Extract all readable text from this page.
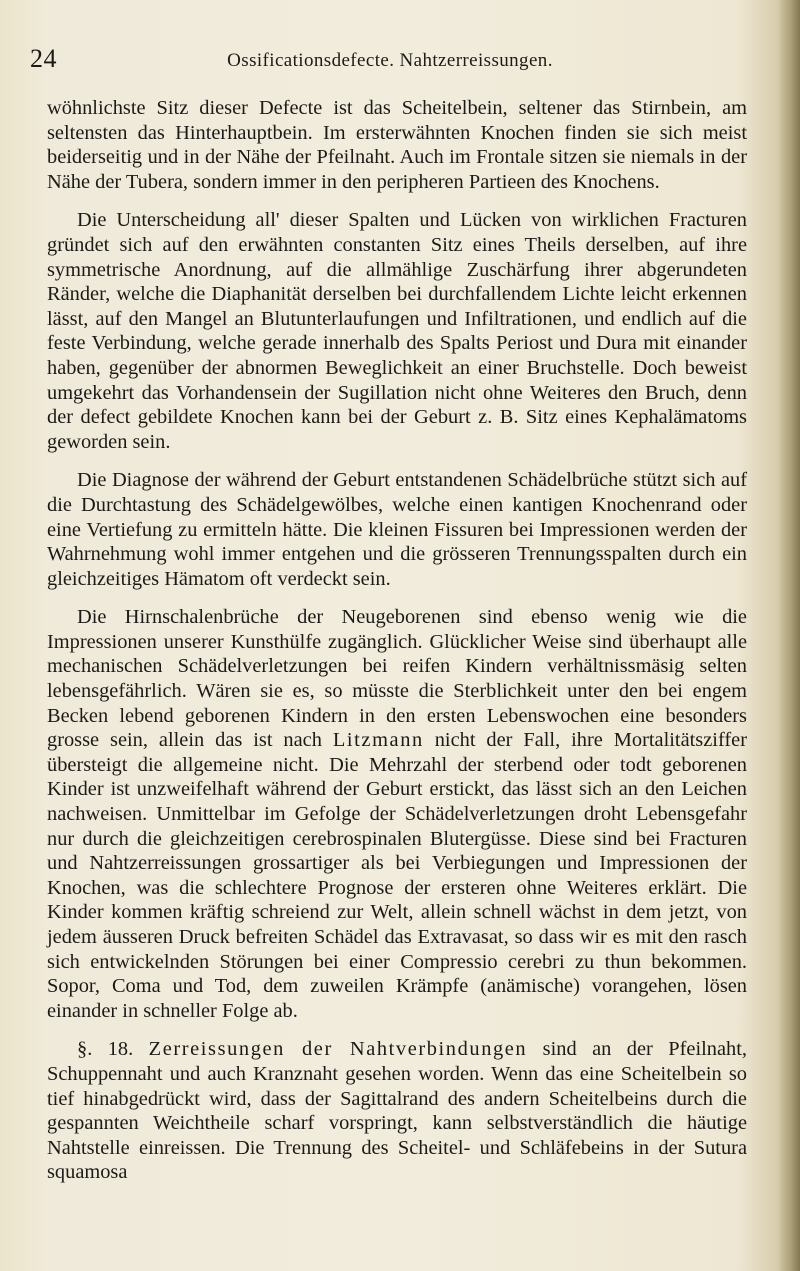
24	Ossificationsdefecte. Nahtzerreissungen.

wöhnlichste Sitz dieser Defecte ist das Scheitelbein, seltener das Stirnbein, am seltensten das Hinterhauptbein. Im ersterwähnten Knochen finden sie sich meist beiderseitig und in der Nähe der Pfeilnaht. Auch im Frontale sitzen sie niemals in der Nähe der Tubera, sondern immer in den peripheren Partieen des Knochens.

Die Unterscheidung all' dieser Spalten und Lücken von wirklichen Fracturen gründet sich auf den erwähnten constanten Sitz eines Theils derselben, auf ihre symmetrische Anordnung, auf die allmählige Zuschärfung ihrer abgerundeten Ränder, welche die Diaphanität derselben bei durchfallendem Lichte leicht erkennen lässt, auf den Mangel an Blutunterlaufungen und Infiltrationen, und endlich auf die feste Verbindung, welche gerade innerhalb des Spalts Periost und Dura mit einander haben, gegenüber der abnormen Beweglichkeit an einer Bruchstelle. Doch beweist umgekehrt das Vorhandensein der Sugillation nicht ohne Weiteres den Bruch, denn der defect gebildete Knochen kann bei der Geburt z. B. Sitz eines Kephalämatoms geworden sein.

Die Diagnose der während der Geburt entstandenen Schädelbrüche stützt sich auf die Durchtastung des Schädelgewölbes, welche einen kantigen Knochenrand oder eine Vertiefung zu ermitteln hätte. Die kleinen Fissuren bei Impressionen werden der Wahrnehmung wohl immer entgehen und die grösseren Trennungsspalten durch ein gleichzeitiges Hämatom oft verdeckt sein.

Die Hirnschalenbrüche der Neugeborenen sind ebenso wenig wie die Impressionen unserer Kunsthülfe zugänglich. Glücklicher Weise sind überhaupt alle mechanischen Schädelverletzungen bei reifen Kindern verhältnissmäsig selten lebensgefährlich. Wären sie es, so müsste die Sterblichkeit unter den bei engem Becken lebend geborenen Kindern in den ersten Lebenswochen eine besonders grosse sein, allein das ist nach Litzmann nicht der Fall, ihre Mortalitätsziffer übersteigt die allgemeine nicht. Die Mehrzahl der sterbend oder todt geborenen Kinder ist unzweifelhaft während der Geburt erstickt, das lässt sich an den Leichen nachweisen. Unmittelbar im Gefolge der Schädelverletzungen droht Lebensgefahr nur durch die gleichzeitigen cerebrospinalen Blutergüsse. Diese sind bei Fracturen und Nahtzerreissungen grossartiger als bei Verbiegungen und Impressionen der Knochen, was die schlechtere Prognose der ersteren ohne Weiteres erklärt. Die Kinder kommen kräftig schreiend zur Welt, allein schnell wächst in dem jetzt, von jedem äusseren Druck befreiten Schädel das Extravasat, so dass wir es mit den rasch sich entwickelnden Störungen bei einer Compressio cerebri zu thun bekommen. Sopor, Coma und Tod, dem zuweilen Krämpfe (anämische) vorangehen, lösen einander in schneller Folge ab.

§. 18. Zerreissungen der Nahtverbindungen sind an der Pfeilnaht, Schuppennaht und auch Kranznaht gesehen worden. Wenn das eine Scheitelbein so tief hinabgedrückt wird, dass der Sagittalrand des andern Scheitelbeins durch die gespannten Weichtheile scharf vorspringt, kann selbstverständlich die häutige Nahtstelle einreissen. Die Trennung des Scheitel- und Schläfebeins in der Sutura squamosa
